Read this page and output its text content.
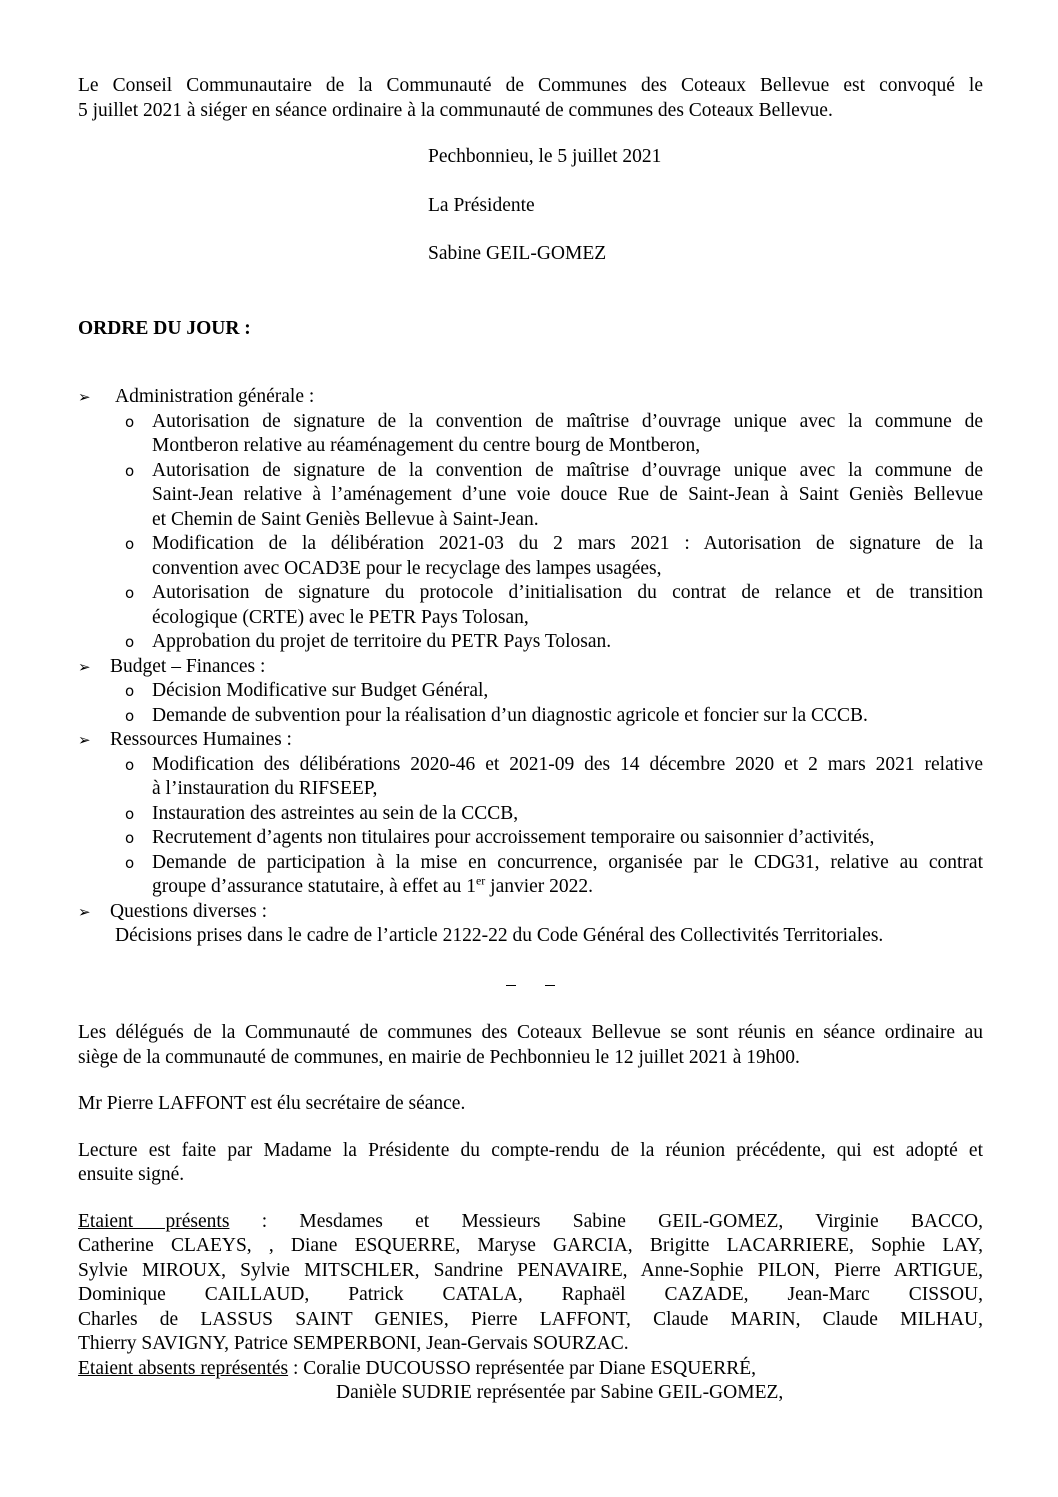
Le Conseil Communautaire de la Communauté de Communes des Coteaux Bellevue est convoqué le

5 juillet 2021 à siéger en séance ordinaire à la communauté de communes des Coteaux Bellevue.

Pechbonnieu, le 5 juillet 2021

La Présidente

Sabine GEIL-GOMEZ

ORDRE DU JOUR :

➢	Administration générale :
o Autorisation de signature de la convention de maîtrise d’ouvrage unique avec la commune de
Montberon relative au réaménagement du centre bourg de Montberon,
o Autorisation de signature de la convention de maîtrise d’ouvrage unique avec la commune de
Saint-Jean relative à l’aménagement d’une voie douce Rue de Saint-Jean à Saint Geniès Bellevue
et Chemin de Saint Geniès Bellevue à Saint-Jean.
o Modification de la délibération 2021-03 du 2 mars 2021 : Autorisation de signature de la
convention avec OCAD3E pour le recyclage des lampes usagées,
o Autorisation de signature du protocole d’initialisation du contrat de relance et de transition
écologique (CRTE) avec le PETR Pays Tolosan,
o Approbation du projet de territoire du PETR Pays Tolosan.
➢ Budget – Finances :
o Décision Modificative sur Budget Général,
o Demande de subvention pour la réalisation d’un diagnostic agricole et foncier sur la CCCB.
➢ Ressources Humaines :
o Modification des délibérations 2020-46 et 2021-09 des 14 décembre 2020 et 2 mars 2021 relative
à l’instauration du RIFSEEP,
o Instauration des astreintes au sein de la CCCB,
o Recrutement d’agents non titulaires pour accroissement temporaire ou saisonnier d’activités,
o Demande de participation à la mise en concurrence, organisée par le CDG31, relative au contrat
groupe d’assurance statutaire, à effet au 1er janvier 2022.
➢ Questions diverses :

Décisions prises dans le cadre de l’article 2122-22 du Code Général des Collectivités Territoriales.

–   –

Les délégués de la Communauté de communes des Coteaux Bellevue se sont réunis en séance ordinaire au

siège de la communauté de communes, en mairie de Pechbonnieu le 12 juillet 2021 à 19h00.

Mr Pierre LAFFONT est élu secrétaire de séance.

Lecture est faite par Madame la Présidente du compte-rendu de la réunion précédente, qui est adopté et

ensuite signé.

Etaient présents : Mesdames et Messieurs Sabine GEIL-GOMEZ, Virginie BACCO,

Catherine CLAEYS, , Diane ESQUERRE, Maryse GARCIA, Brigitte LACARRIERE, Sophie LAY,

Sylvie MIROUX, Sylvie MITSCHLER, Sandrine PENAVAIRE, Anne-Sophie PILON, Pierre ARTIGUE,

Dominique CAILLAUD, Patrick CATALA, Raphaël CAZADE, Jean-Marc CISSOU,

Charles de LASSUS SAINT GENIES, Pierre LAFFONT, Claude MARIN, Claude MILHAU,

Thierry SAVIGNY, Patrice SEMPERBONI, Jean-Gervais SOURZAC.

Etaient absents représentés : Coralie DUCOUSSO représentée par Diane ESQUERRÉ,

Danièle SUDRIE représentée par Sabine GEIL-GOMEZ,
